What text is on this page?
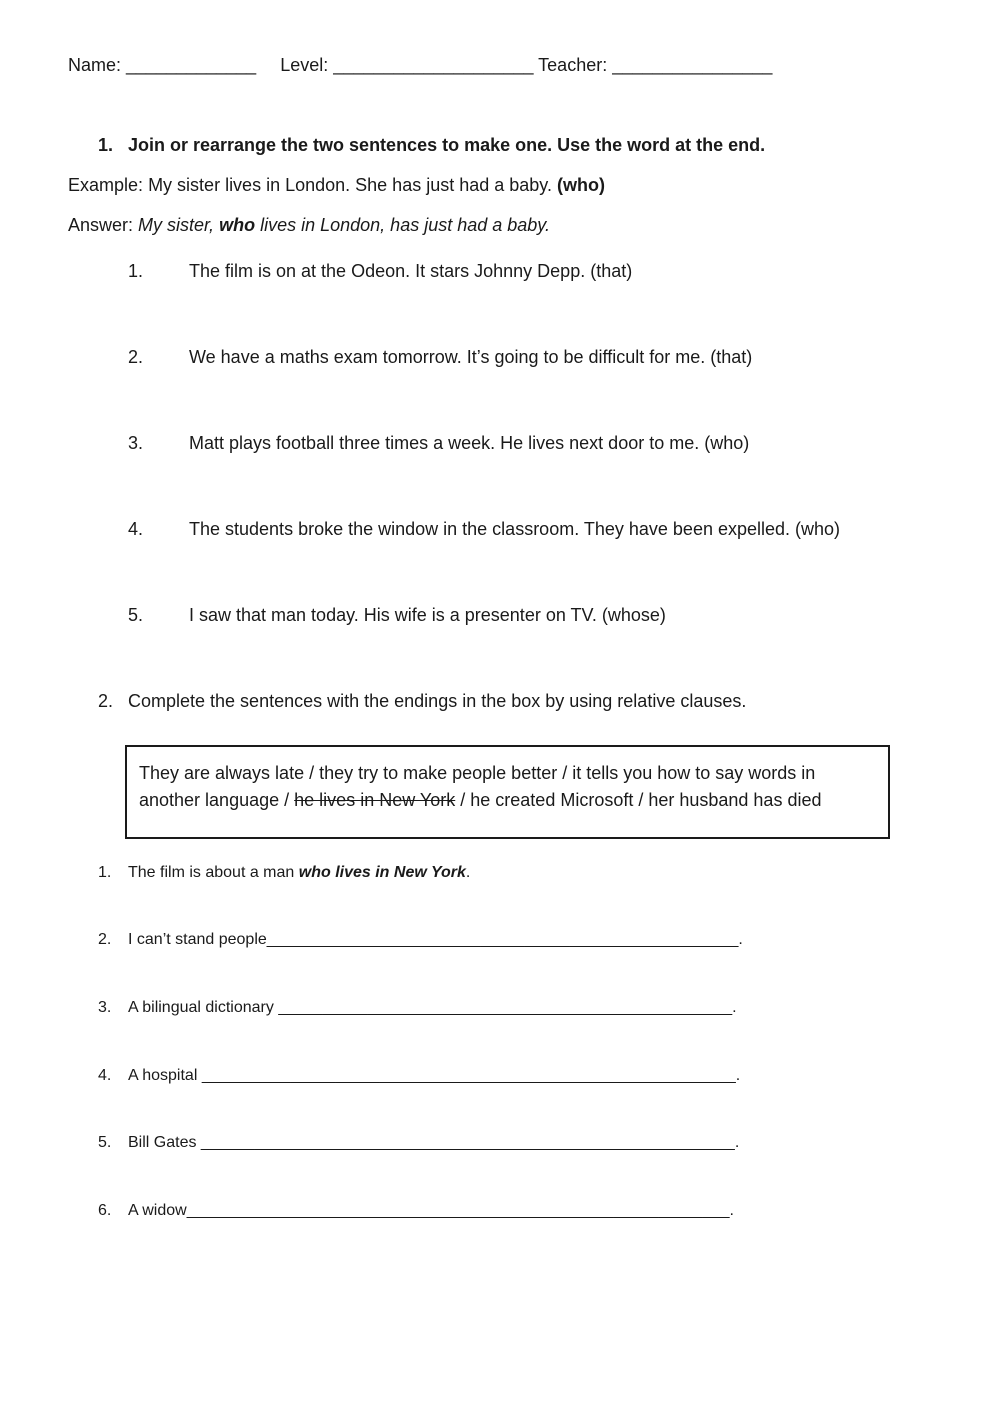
Name: _____________ Level: ____________________ Teacher: ________________
1. Join or rearrange the two sentences to make one. Use the word at the end.
Example: My sister lives in London. She has just had a baby. (who)
Answer: My sister, who lives in London, has just had a baby.
1.	The film is on at the Odeon. It stars Johnny Depp. (that)
2.	We have a maths exam tomorrow. It’s going to be difficult for me. (that)
3.	Matt plays football three times a week. He lives next door to me. (who)
4.	The students broke the window in the classroom. They have been expelled. (who)
5.	I saw that man today. His wife is a presenter on TV. (whose)
2. Complete the sentences with the endings in the box by using relative clauses.
They are always late / they try to make people better / it tells you how to say words in
another language / he lives in New York / he created Microsoft / her husband has died
1. The film is about a man who lives in New York.
2. I can’t stand people_____________________________________________________.
3. A bilingual dictionary ___________________________________________________.
4. A hospital ____________________________________________________________.
5. Bill Gates ____________________________________________________________.
6. A widow_____________________________________________________________.
